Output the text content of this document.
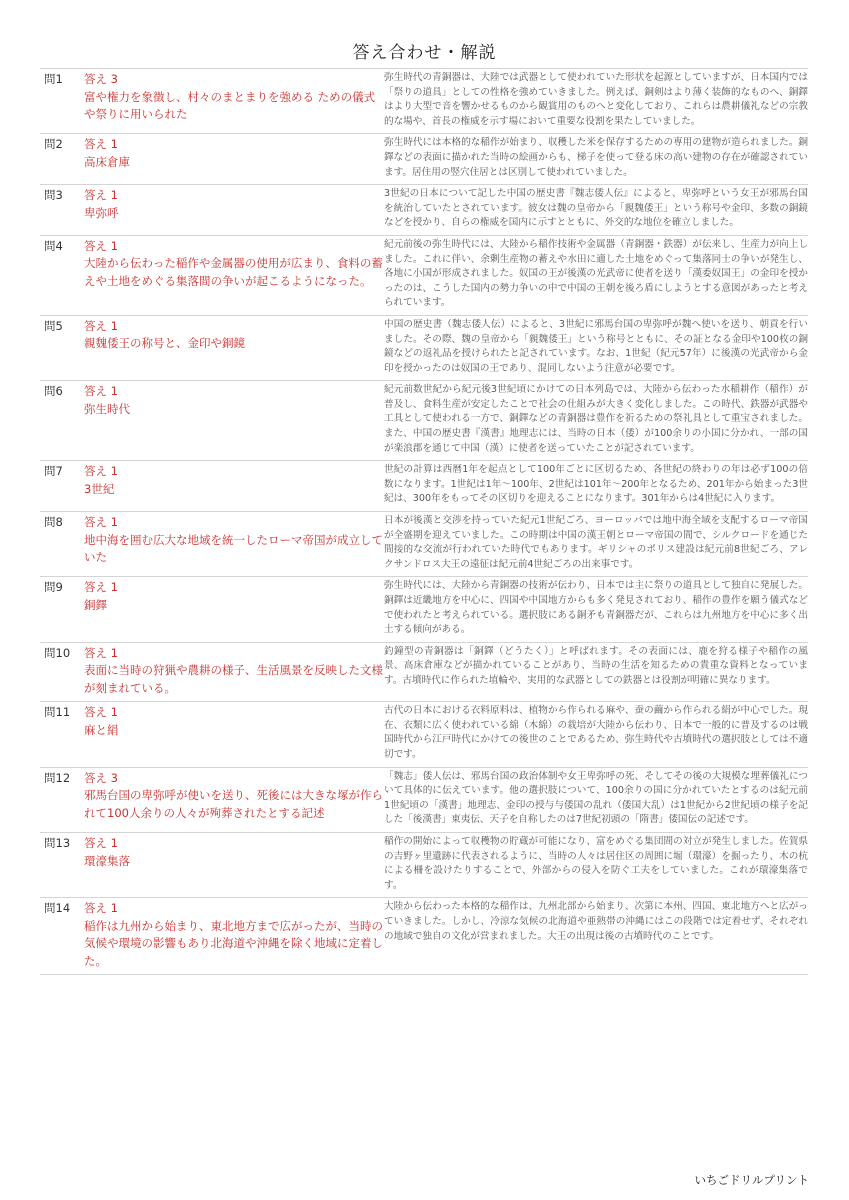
答え合わせ・解説
問1	答え 3
富や権力を象徴し、村々のまとまりを強める ための儀式や祭りに用いられた
弥生時代の青銅器は、大陸では武器として使われていた形状を起源としていますが、日本国内では「祭りの道具」としての性格を強めていきました。例えば、銅剣はより薄く装飾的なものへ、銅鐸はより大型で音を響かせるものから観賞用のものへと変化しており、これらは農耕儀礼などの宗教的な場や、首長の権威を示す場において重要な役割を果たしていました。
問2	答え 1
高床倉庫
弥生時代には本格的な稲作が始まり、収穫した米を保存するための専用の建物が造られました。銅鐸などの表面に描かれた当時の絵画からも、梯子を使って登る床の高い建物の存在が確認されています。居住用の竪穴住居とは区別して使われていました。
問3	答え 1
卑弥呼
3世紀の日本について記した中国の歴史書『魏志倭人伝』によると、卑弥呼という女王が邪馬台国を統治していたとされています。彼女は魏の皇帝から「親魏倭王」という称号や金印、多数の銅鏡などを授かり、自らの権威を国内に示すとともに、外交的な地位を確立しました。
問4	答え 1
大陸から伝わった稲作や金属器の使用が広まり、食料の蓄えや土地をめぐる集落間の争いが起こるようになった。
紀元前後の弥生時代には、大陸から稲作技術や金属器（青銅器・鉄器）が伝来し、生産力が向上しました。これに伴い、余剰生産物の蓄えや水田に適した土地をめぐって集落同士の争いが発生し、各地に小国が形成されました。奴国の王が後漢の光武帝に使者を送り「漢委奴国王」の金印を授かったのは、こうした国内の勢力争いの中で中国の王朝を後ろ盾にしようとする意図があったと考えられています。
問5	答え 1
親魏倭王の称号と、金印や銅鏡
中国の歴史書（魏志倭人伝）によると、3世紀に邪馬台国の卑弥呼が魏へ使いを送り、朝貢を行いました。その際、魏の皇帝から「親魏倭王」という称号とともに、その証となる金印や100枚の銅鏡などの返礼品を授けられたと記されています。なお、1世紀（紀元57年）に後漢の光武帝から金印を授かったのは奴国の王であり、混同しないよう注意が必要です。
問6	答え 1
弥生時代
紀元前数世紀から紀元後3世紀頃にかけての日本列島では、大陸から伝わった水稲耕作（稲作）が普及し、食料生産が安定したことで社会の仕組みが大きく変化しました。この時代、鉄器が武器や工具として使われる一方で、銅鐸などの青銅器は豊作を祈るための祭礼具として重宝されました。また、中国の歴史書『漢書』地理志には、当時の日本（倭）が100余りの小国に分かれ、一部の国が楽浪郡を通じて中国（漢）に使者を送っていたことが記されています。
問7	答え 1
3世紀
世紀の計算は西暦1年を起点として100年ごとに区切るため、各世紀の終わりの年は必ず100の倍数になります。1世紀は1年〜100年、2世紀は101年〜200年となるため、201年から始まった3世紀は、300年をもってその区切りを迎えることになります。301年からは4世紀に入ります。
問8	答え 1
地中海を囲む広大な地域を統一したローマ帝国が成立していた
日本が後漢と交渉を持っていた紀元1世紀ごろ、ヨーロッパでは地中海全域を支配するローマ帝国が全盛期を迎えていました。この時期は中国の漢王朝とローマ帝国の間で、シルクロードを通じた間接的な交流が行われていた時代でもあります。ギリシャのポリス建設は紀元前8世紀ごろ、アレクサンドロス大王の遠征は紀元前4世紀ごろの出来事です。
問9	答え 1
銅鐸
弥生時代には、大陸から青銅器の技術が伝わり、日本では主に祭りの道具として独自に発展した。銅鐸は近畿地方を中心に、四国や中国地方からも多く発見されており、稲作の豊作を願う儀式などで使われたと考えられている。選択肢にある銅矛も青銅器だが、これらは九州地方を中心に多く出土する傾向がある。
問10	答え 1
表面に当時の狩猟や農耕の様子、生活風景を反映した文様が刻まれている。
釣鐘型の青銅器は「銅鐸（どうたく）」と呼ばれます。その表面には、鹿を狩る様子や稲作の風景、高床倉庫などが描かれていることがあり、当時の生活を知るための貴重な資料となっています。古墳時代に作られた埴輪や、実用的な武器としての鉄器とは役割が明確に異なります。
問11	答え 1
麻と絹
古代の日本における衣料原料は、植物から作られる麻や、蚕の繭から作られる絹が中心でした。現在、衣類に広く使われている綿（木綿）の栽培が大陸から伝わり、日本で一般的に普及するのは戦国時代から江戸時代にかけての後世のことであるため、弥生時代や古墳時代の選択肢としては不適切です。
問12	答え 3
邪馬台国の卑弥呼が使いを送り、死後には大きな塚が作られて100人余りの人々が殉葬されたとする記述
「魏志」倭人伝は、邪馬台国の政治体制や女王卑弥呼の死、そしてその後の大規模な埋葬儀礼について具体的に伝えています。他の選択肢について、100余りの国に分かれていたとするのは紀元前1世紀頃の「漢書」地理志、金印の授与与倭国の乱れ（倭国大乱）は1世紀から2世紀頃の様子を記した「後漢書」東夷伝、天子を自称したのは7世紀初頭の「隋書」倭国伝の記述です。
問13	答え 1
環濠集落
稲作の開始によって収穫物の貯蔵が可能になり、富をめぐる集団間の対立が発生しました。佐賀県の吉野ヶ里遺跡に代表されるように、当時の人々は居住区の周囲に堀（環濠）を掘ったり、木の杭による柵を設けたりすることで、外部からの侵入を防ぐ工夫をしていました。これが環濠集落です。
問14	答え 1
稲作は九州から始まり、東北地方まで広がったが、当時の気候や環境の影響もあり北海道や沖縄を除く地域に定着した。
大陸から伝わった本格的な稲作は、九州北部から始まり、次第に本州、四国、東北地方へと広がっていきました。しかし、冷涼な気候の北海道や亜熱帯の沖縄にはこの段階では定着せず、それぞれの地域で独自の文化が営まれました。大王の出現は後の古墳時代のことです。
いちごドリルプリント
